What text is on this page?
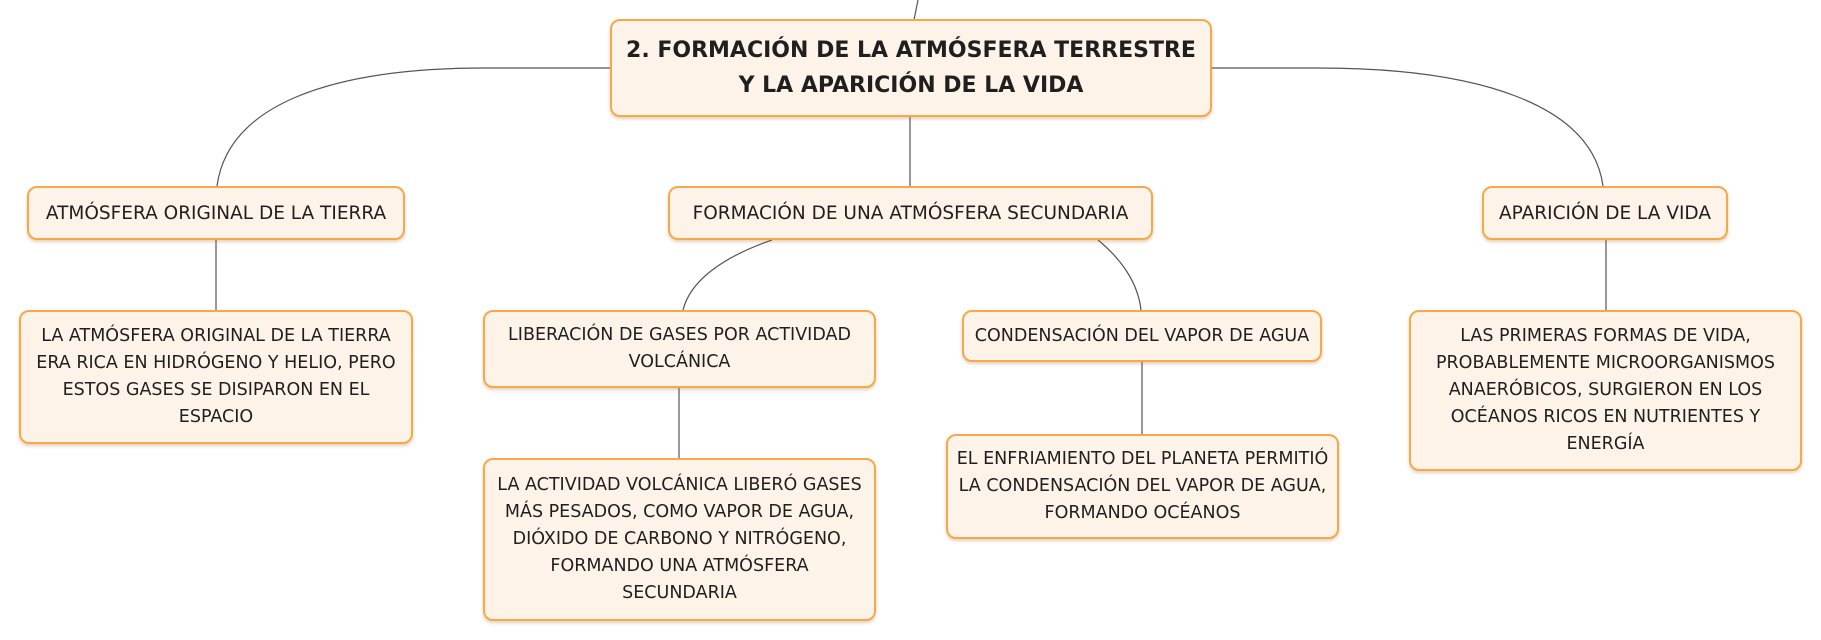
2. FORMACIÓN DE LA ATMÓSFERA TERRESTRE Y LA APARICIÓN DE LA VIDA
ATMÓSFERA ORIGINAL DE LA TIERRA	FORMACIÓN DE UNA ATMÓSFERA SECUNDARIA	APARICIÓN DE LA VIDA
LA ATMÓSFERA ORIGINAL DE LA TIERRA ERA RICA EN HIDRÓGENO Y HELIO, PERO ESTOS GASES SE DISIPARON EN EL ESPACIO
LIBERACIÓN DE GASES POR ACTIVIDAD VOLCÁNICA
CONDENSACIÓN DEL VAPOR DE AGUA	LAS PRIMERAS FORMAS DE VIDA, PROBABLEMENTE MICROORGANISMOS ANAERÓBICOS, SURGIERON EN LOS OCÉANOS RICOS EN NUTRIENTES Y ENERGÍA
LA ACTIVIDAD VOLCÁNICA LIBERÓ GASES MÁS PESADOS, COMO VAPOR DE AGUA, DIÓXIDO DE CARBONO Y NITRÓGENO, FORMANDO UNA ATMÓSFERA SECUNDARIA
EL ENFRIAMIENTO DEL PLANETA PERMITIÓ LA CONDENSACIÓN DEL VAPOR DE AGUA, FORMANDO OCÉANOS
